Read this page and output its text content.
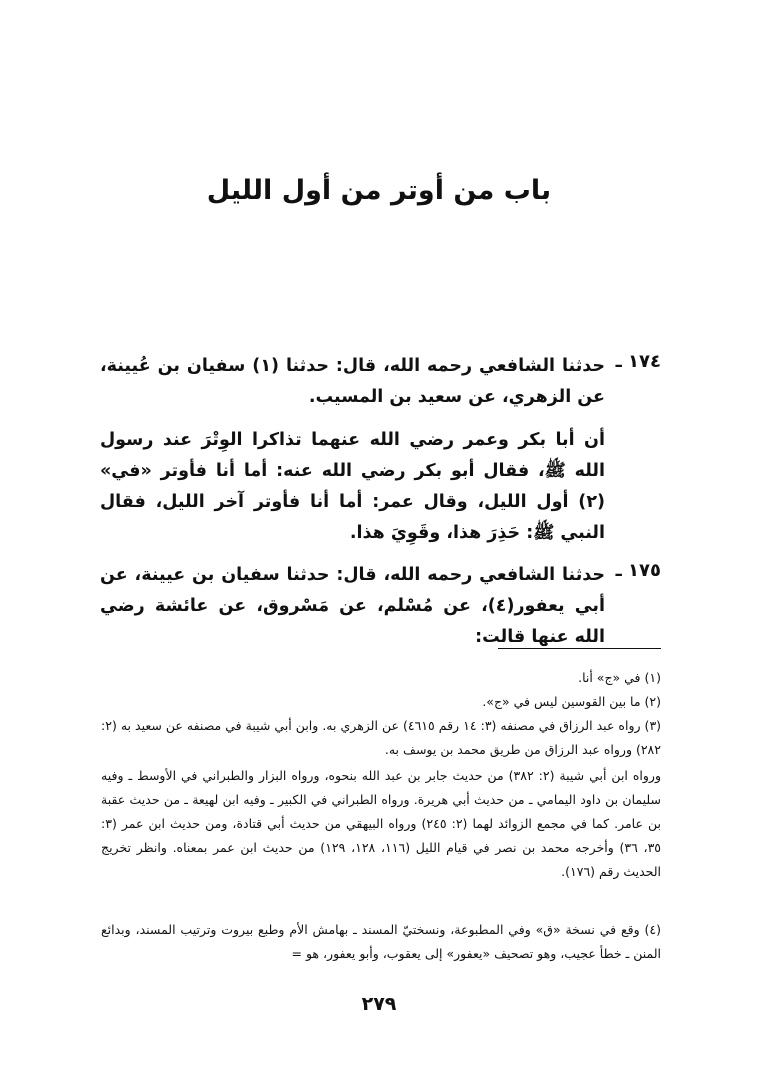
باب من أوتر من أول الليل
١٧٤ ـ
حدثنا الشافعي رحمه الله، قال: حدثنا (١) سفيان بن عُيينة، عن الزهري، عن سعيد بن المسيب.
أن أبا بكر وعمر رضي الله عنهما تذاكرا الوِتْرَ عند رسول الله ﷺ، فقال أبو بكر رضي الله عنه: أما أنا فأوتر «في» (٢) أول الليل، وقال عمر: أما أنا فأوتر آخر الليل، فقال النبي ﷺ: حَذِرَ هذا، وقَوِيَ هذا.
١٧٥ ـ
حدثنا الشافعي رحمه الله، قال: حدثنا سفيان بن عيينة، عن أبي يعفور(٤)، عن مُسْلم، عن مَسْروق، عن عائشة رضي الله عنها قالت:
(١) في «ج» أنا.
(٢) ما بين القوسين ليس في «ج».
(٣) رواه عبد الرزاق في مصنفه (٣: ١٤ رقم ٤٦١٥) عن الزهري به. وابن أبي شيبة في مصنفه عن سعيد به (٢: ٢٨٢) ورواه عبد الرزاق من طريق محمد بن يوسف به.
ورواه ابن أبي شيبة (٢: ٣٨٢) من حديث جابر بن عبد الله بنحوه، ورواه البزار والطبراني في الأوسط ـ وفيه سليمان بن داود اليمامي ـ من حديث أبي هريرة. ورواه الطبراني في الكبير ـ وفيه ابن لهيعة ـ من حديث عقبة بن عامر. كما في مجمع الزوائد لهما (٢: ٢٤٥) ورواه البيهقي من حديث أبي قتادة، ومن حديث ابن عمر (٣: ٣٥، ٣٦) وأخرجه محمد بن نصر في قيام الليل (١١٦، ١٢٨، ١٢٩) من حديث ابن عمر بمعناه. وانظر تخريج الحديث رقم (١٧٦).
(٤) وقع في نسخة «ق» وفي المطبوعة، ونسختيّ المسند ـ بهامش الأم وطبع بيروت وترتيب المسند، وبدائع المنن ـ خطأ عجيب، وهو تصحيف «يعفور» إلى يعقوب، وأبو يعفور، هو =
٢٧٩
